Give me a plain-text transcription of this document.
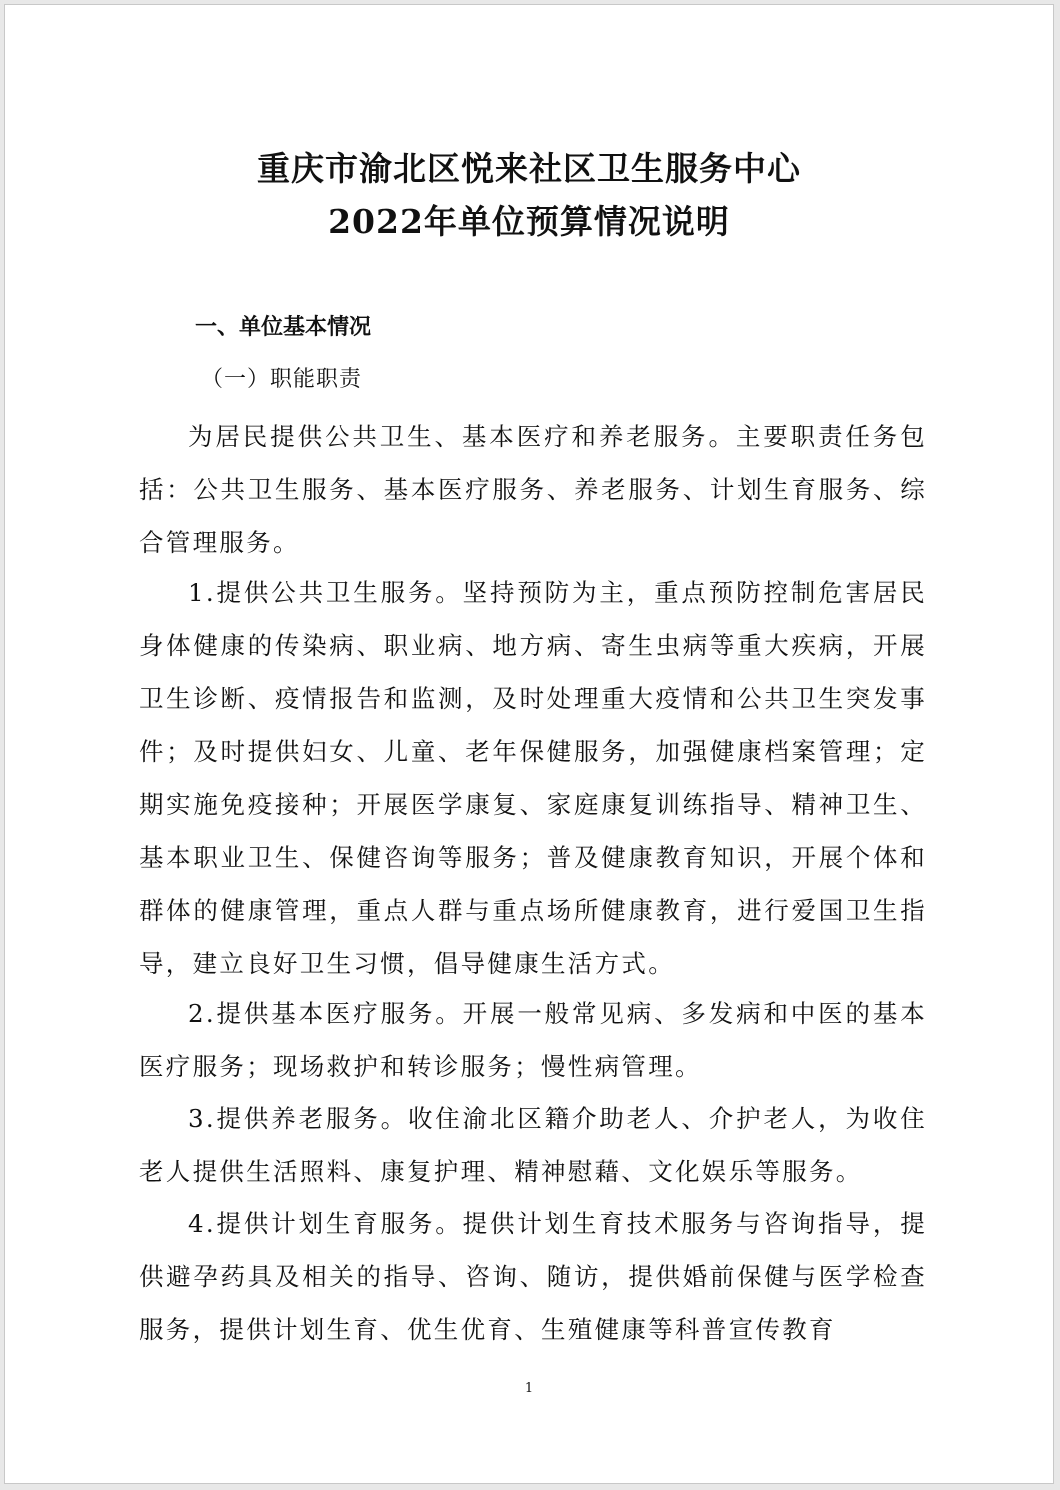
重庆市渝北区悦来社区卫生服务中心
2022年单位预算情况说明
一、单位基本情况
（一）职能职责

为居民提供公共卫生、基本医疗和养老服务。主要职责任务包括：公共卫生服务、基本医疗服务、养老服务、计划生育服务、综合管理服务。

1.提供公共卫生服务。坚持预防为主，重点预防控制危害居民身体健康的传染病、职业病、地方病、寄生虫病等重大疾病，开展卫生诊断、疫情报告和监测，及时处理重大疫情和公共卫生突发事件；及时提供妇女、儿童、老年保健服务，加强健康档案管理；定期实施免疫接种；开展医学康复、家庭康复训练指导、精神卫生、基本职业卫生、保健咨询等服务；普及健康教育知识，开展个体和群体的健康管理，重点人群与重点场所健康教育，进行爱国卫生指导，建立良好卫生习惯，倡导健康生活方式。

2.提供基本医疗服务。开展一般常见病、多发病和中医的基本医疗服务；现场救护和转诊服务；慢性病管理。

3.提供养老服务。收住渝北区籍介助老人、介护老人，为收住老人提供生活照料、康复护理、精神慰藉、文化娱乐等服务。

4.提供计划生育服务。提供计划生育技术服务与咨询指导，提供避孕药具及相关的指导、咨询、随访，提供婚前保健与医学检查服务，提供计划生育、优生优育、生殖健康等科普宣传教育

1
